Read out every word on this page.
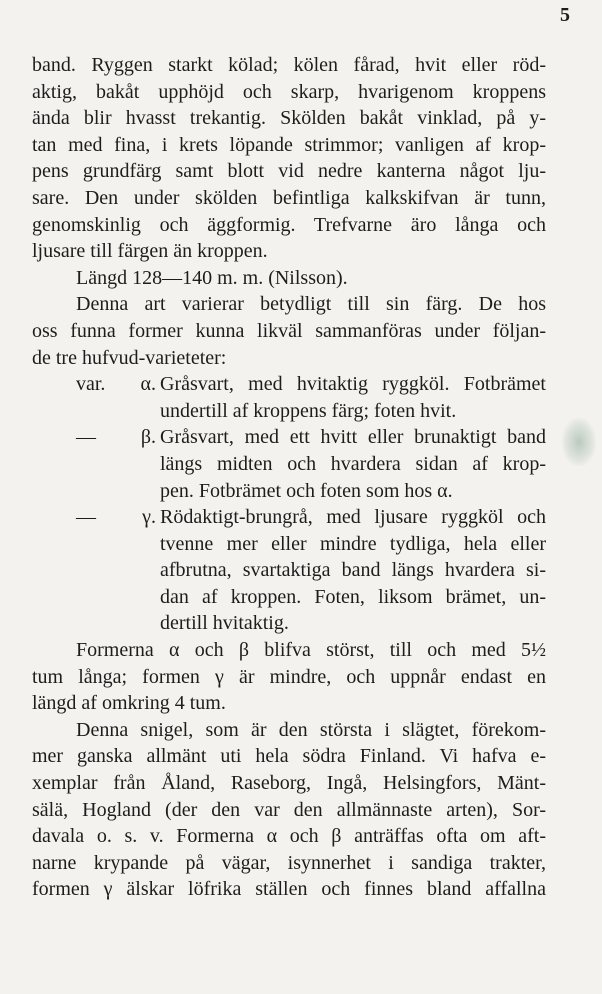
5
band. Ryggen starkt kölad; kölen fårad, hvit eller röd-
aktig, bakåt upphöjd och skarp, hvarigenom kroppens
ända blir hvasst trekantig. Skölden bakåt vinklad, på y-
tan med fina, i krets löpande strimmor; vanligen af krop-
pens grundfärg samt blott vid nedre kanterna något lju-
sare. Den under skölden befintliga kalkskifvan är tunn,
genomskinlig och äggformig. Trefvarne äro långa och
ljusare till färgen än kroppen.
Längd 128—140 m. m. (Nilsson).
Denna art varierar betydligt till sin färg. De hos
oss funna former kunna likväl sammanföras under följan-
de tre hufvud-varieteter:
var. α. Gråsvart, med hvitaktig ryggköl. Fotbrämet
undertill af kroppens färg; foten hvit.
— β. Gråsvart, med ett hvitt eller brunaktigt band
längs midten och hvardera sidan af krop-
pen. Fotbrämet och foten som hos α.
— γ. Rödaktigt-brungrå, med ljusare ryggköl och
tvenne mer eller mindre tydliga, hela eller
afbrutna, svartaktiga band längs hvardera si-
dan af kroppen. Foten, liksom brämet, un-
dertill hvitaktig.
Formerna α och β blifva störst, till och med 5½
tum långa; formen γ är mindre, och uppnår endast en
längd af omkring 4 tum.
Denna snigel, som är den största i slägtet, förekom-
mer ganska allmänt uti hela södra Finland. Vi hafva e-
xemplar från Åland, Raseborg, Ingå, Helsingfors, Mänt-
sälä, Hogland (der den var den allmännaste arten), Sor-
davala o. s. v. Formerna α och β anträffas ofta om aft-
narne krypande på vägar, isynnerhet i sandiga trakter,
formen γ älskar löfrika ställen och finnes bland affallna
